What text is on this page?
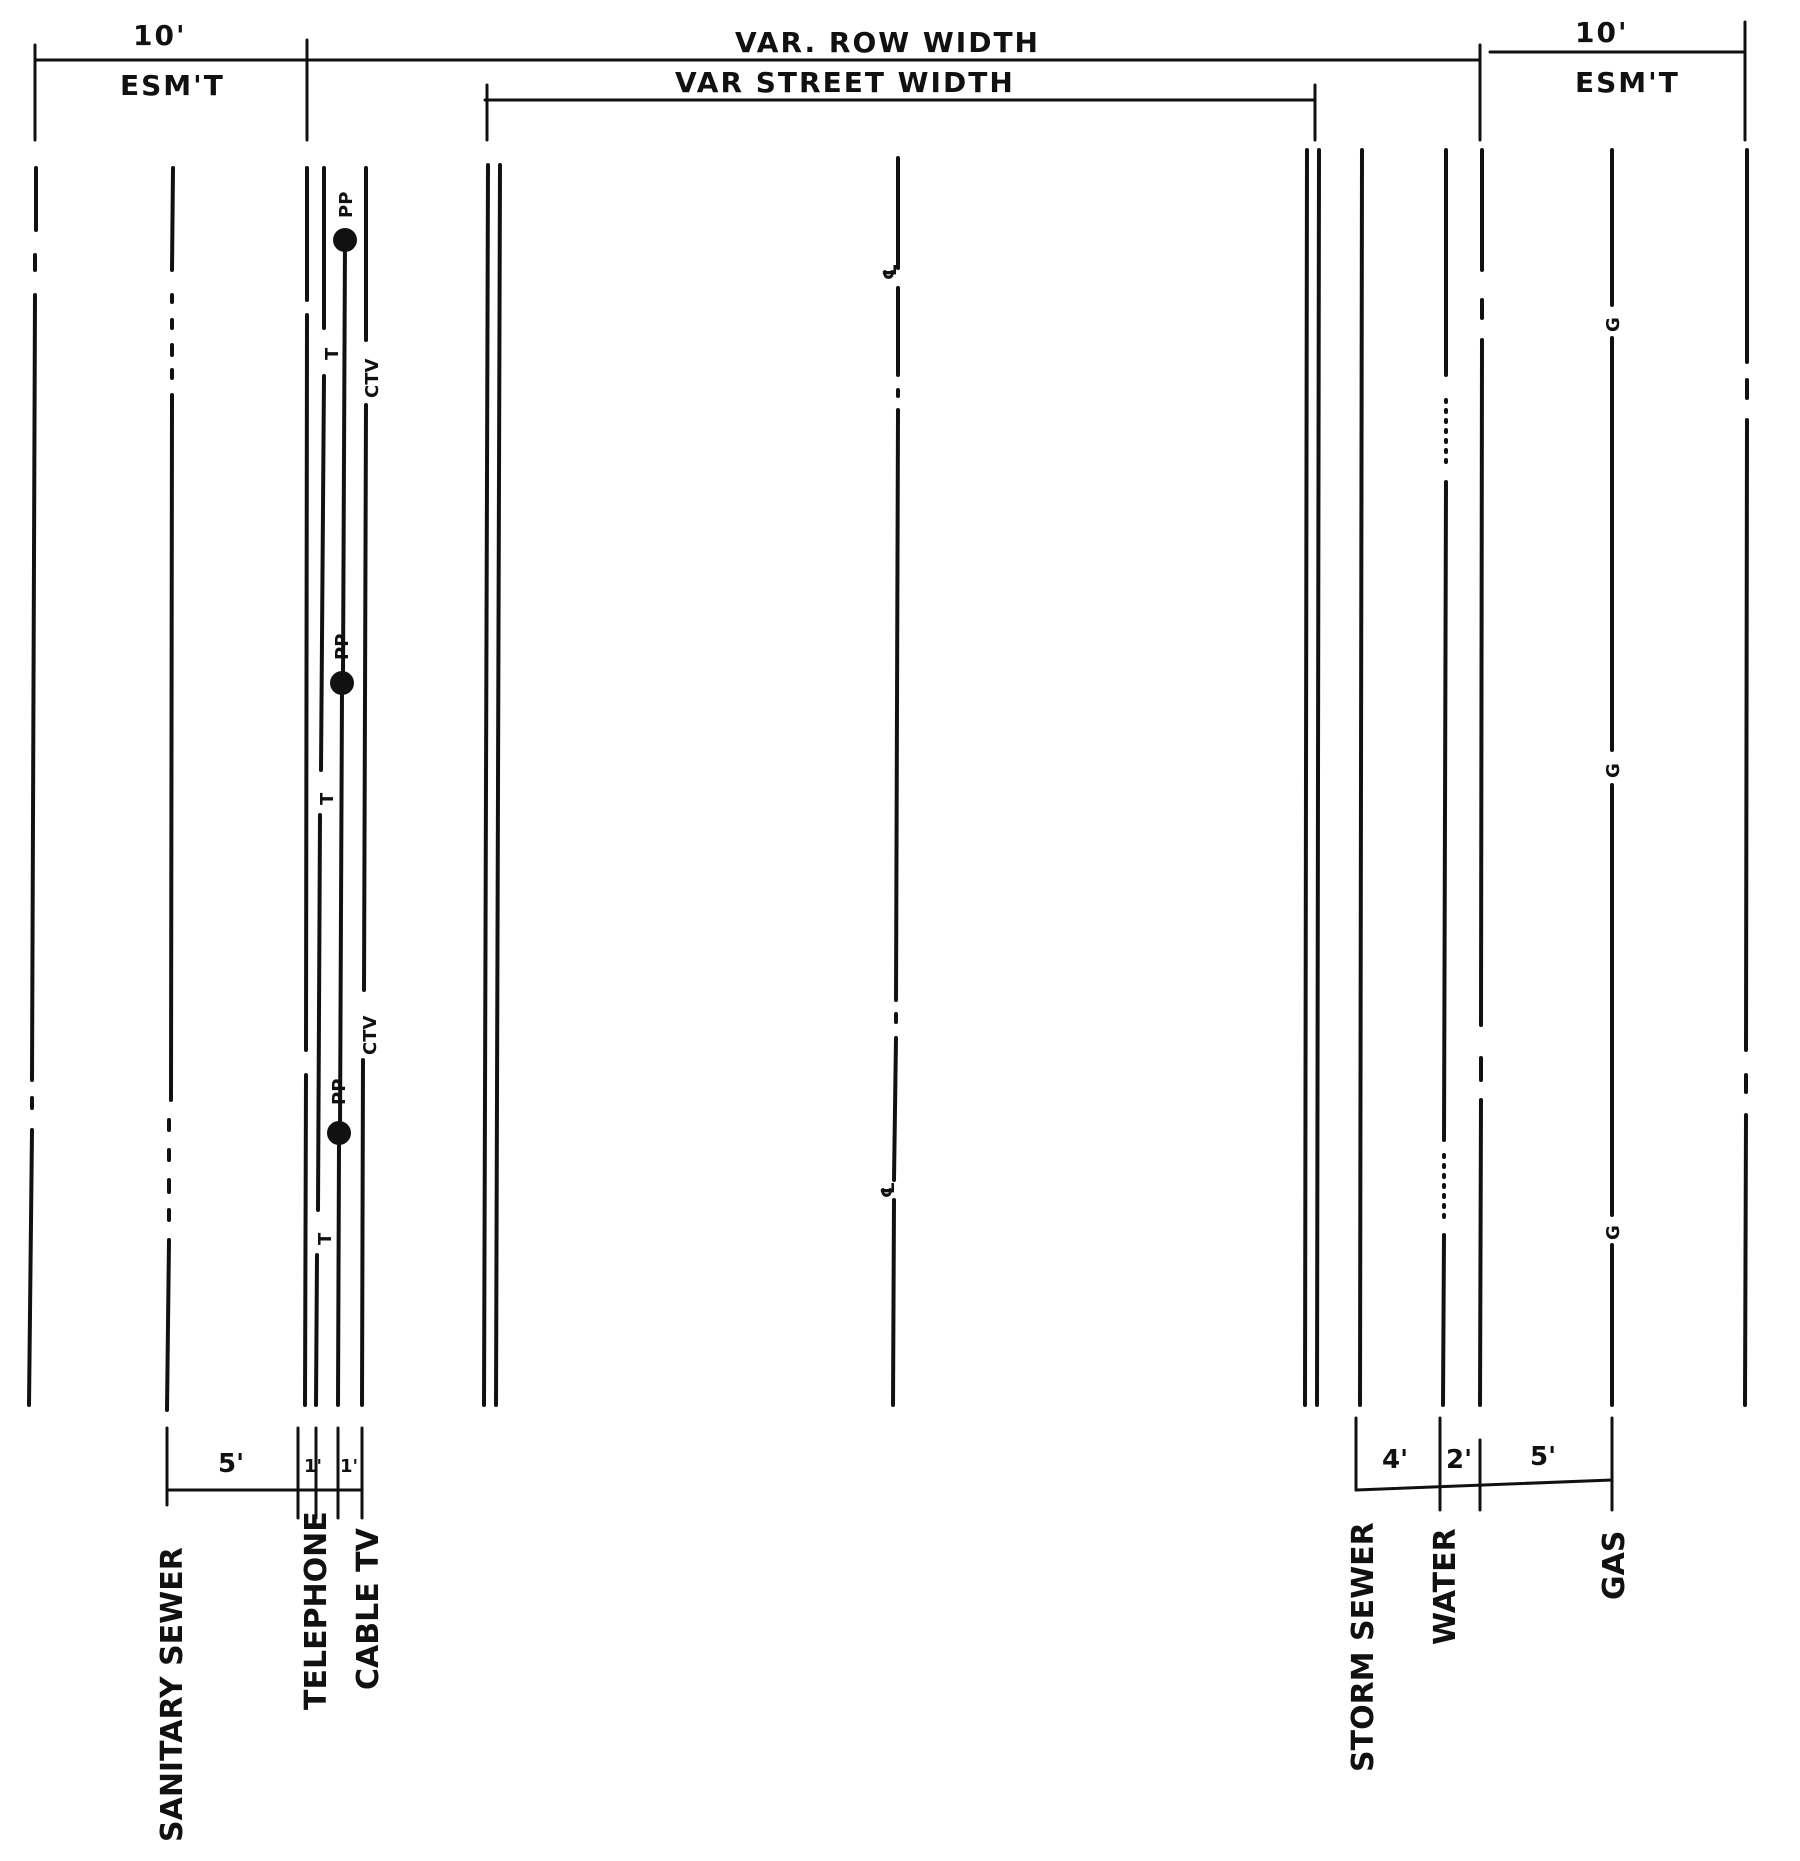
10'
ESM'T
VAR. ROW WIDTH
VAR STREET WIDTH
10'
ESM'T
T
T
T
PP
PP
PP
CTV
CTV
℄
℄
G
G
G
5'	1' 1'	4' 2' 5'
SANITARY SEWER	TELEPHONE CABLE TV	STORM SEWER WATER	GAS
